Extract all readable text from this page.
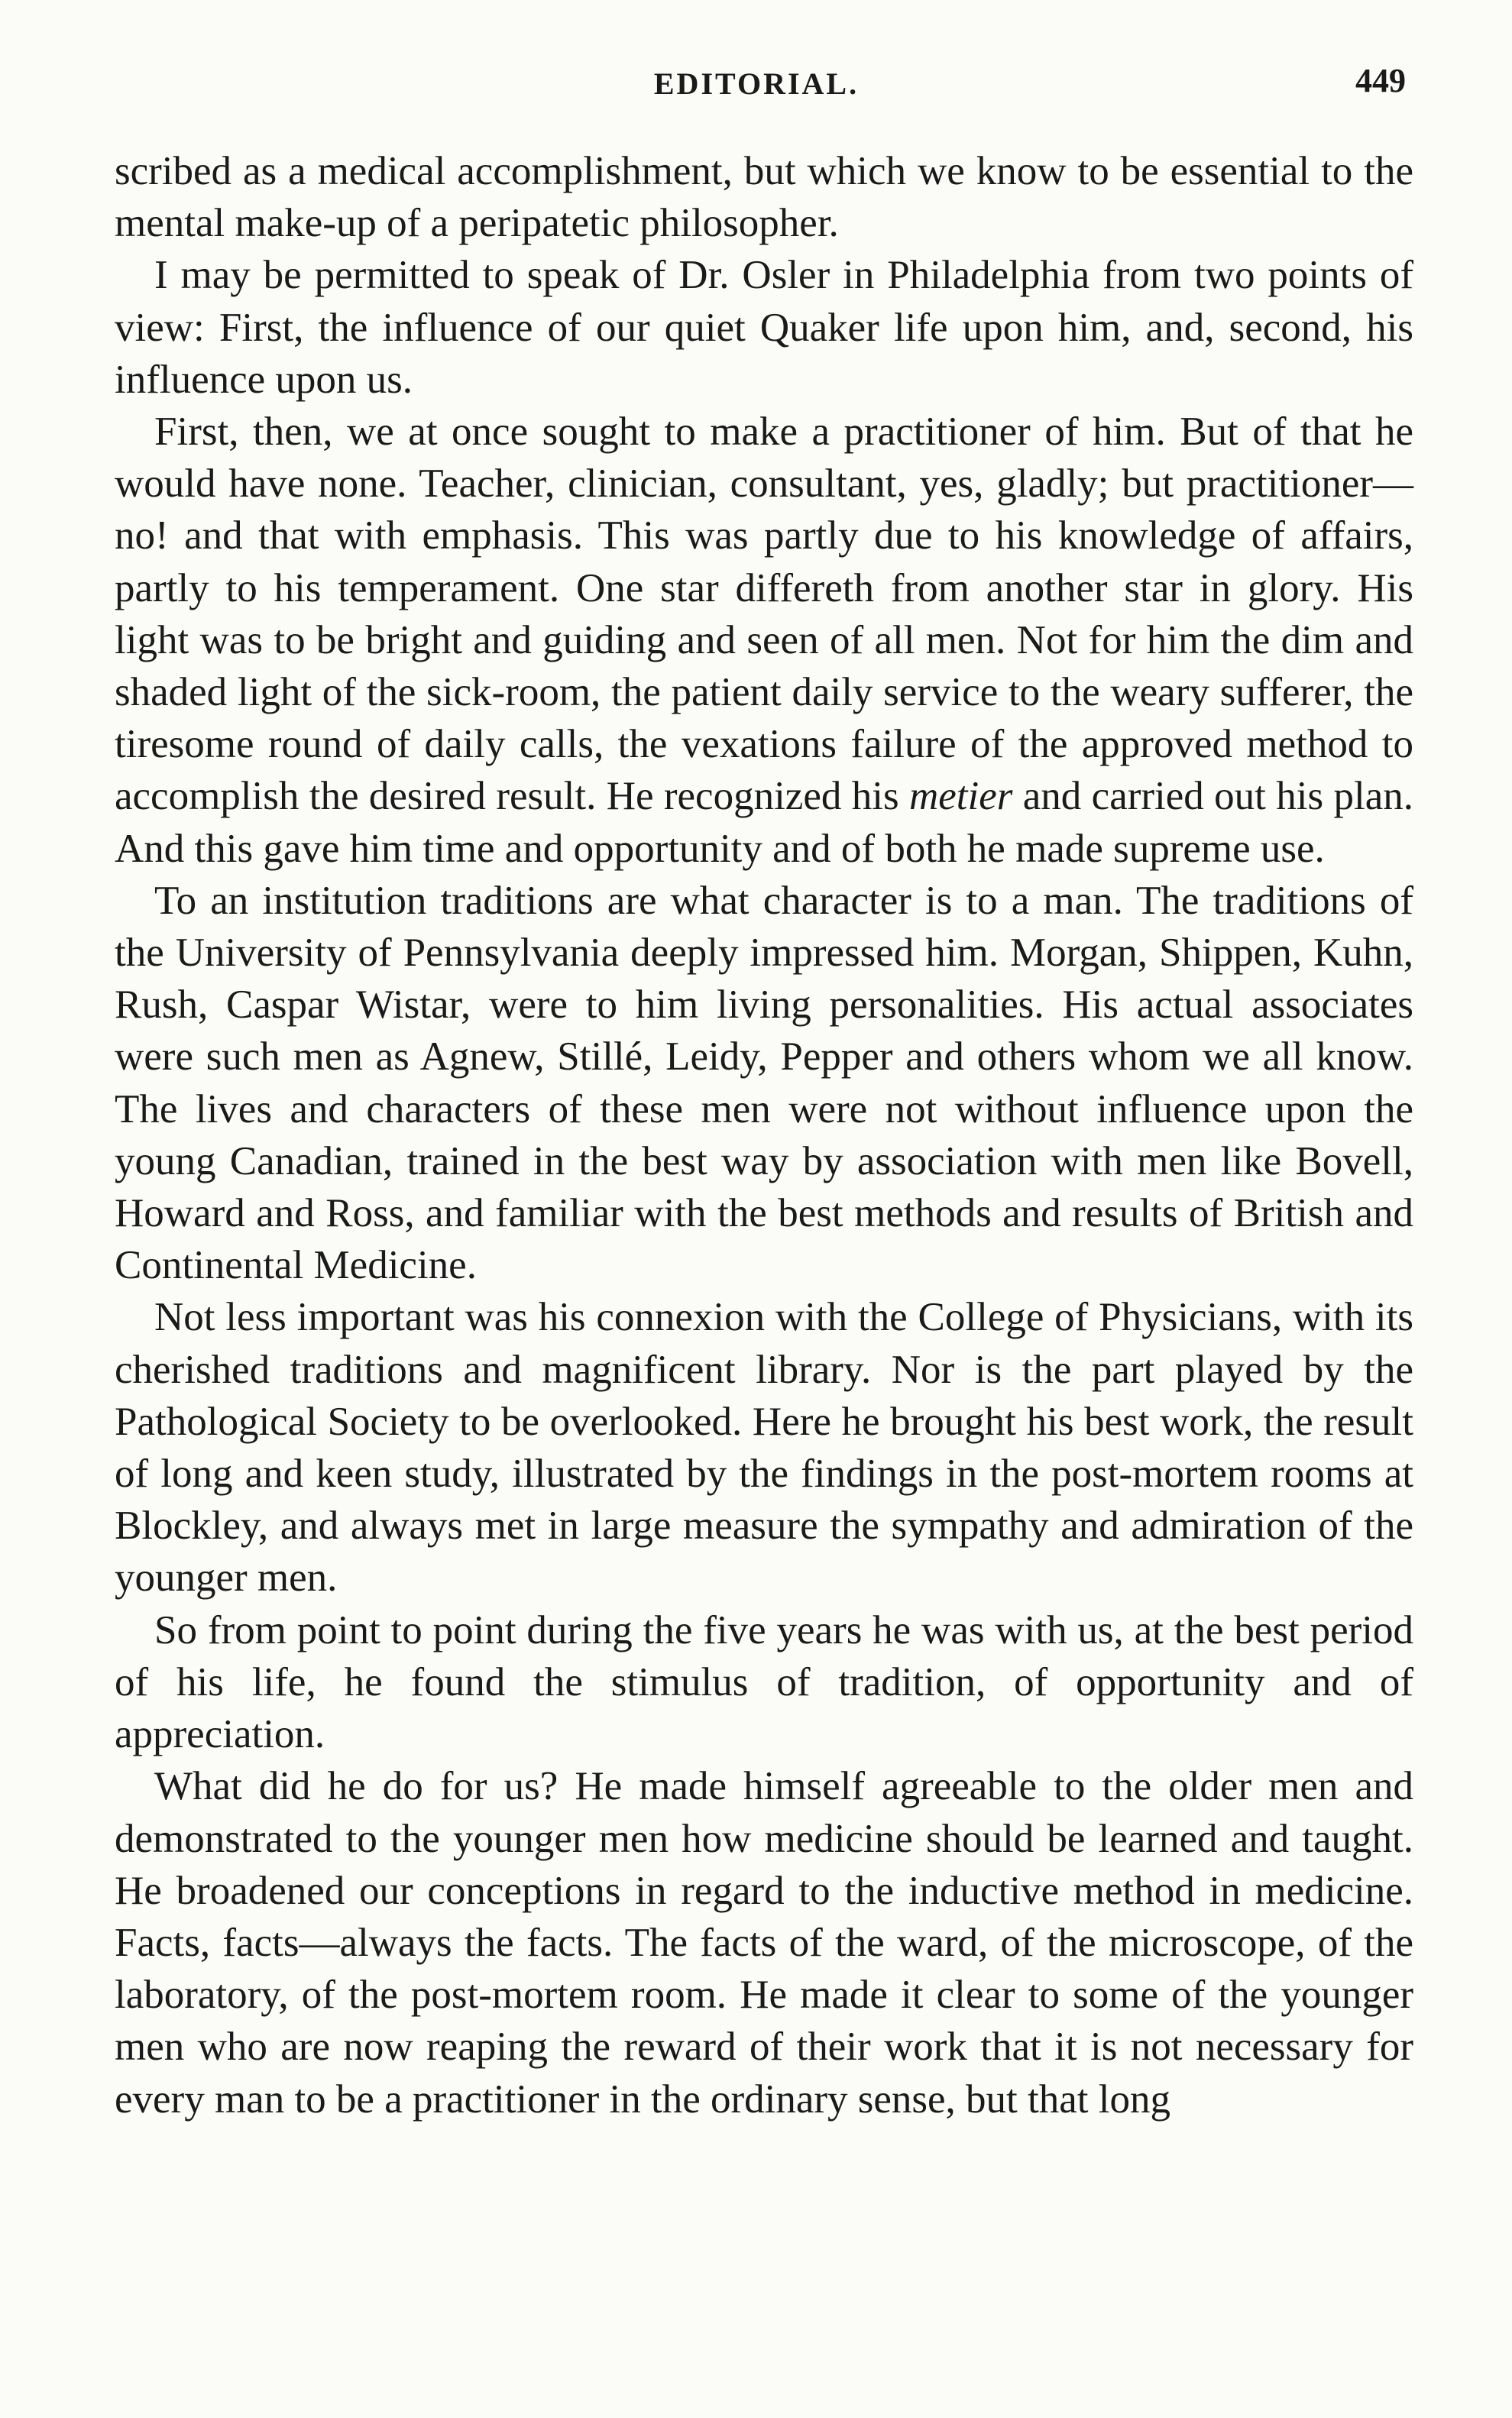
EDITORIAL.	449

scribed as a medical accomplishment, but which we know to be essential to the mental make-up of a peripatetic philosopher.

I may be permitted to speak of Dr. Osler in Philadelphia from two points of view: First, the influence of our quiet Quaker life upon him, and, second, his influence upon us.

First, then, we at once sought to make a practitioner of him. But of that he would have none. Teacher, clinician, consultant, yes, gladly; but practitioner—no! and that with emphasis. This was partly due to his knowledge of affairs, partly to his temperament. One star differeth from another star in glory. His light was to be bright and guiding and seen of all men. Not for him the dim and shaded light of the sick-room, the patient daily service to the weary sufferer, the tiresome round of daily calls, the vexations failure of the approved method to accomplish the desired result. He recognized his metier and carried out his plan. And this gave him time and opportunity and of both he made supreme use.

To an institution traditions are what character is to a man. The traditions of the University of Pennsylvania deeply impressed him. Morgan, Shippen, Kuhn, Rush, Caspar Wistar, were to him living personalities. His actual associates were such men as Agnew, Stillé, Leidy, Pepper and others whom we all know. The lives and characters of these men were not without influence upon the young Canadian, trained in the best way by association with men like Bovell, Howard and Ross, and familiar with the best methods and results of British and Continental Medicine.

Not less important was his connexion with the College of Physicians, with its cherished traditions and magnificent library. Nor is the part played by the Pathological Society to be overlooked. Here he brought his best work, the result of long and keen study, illustrated by the findings in the post-mortem rooms at Blockley, and always met in large measure the sympathy and admiration of the younger men.

So from point to point during the five years he was with us, at the best period of his life, he found the stimulus of tradition, of opportunity and of appreciation.

What did he do for us? He made himself agreeable to the older men and demonstrated to the younger men how medicine should be learned and taught. He broadened our conceptions in regard to the inductive method in medicine. Facts, facts—always the facts. The facts of the ward, of the microscope, of the laboratory, of the post-mortem room. He made it clear to some of the younger men who are now reaping the reward of their work that it is not necessary for every man to be a practitioner in the ordinary sense, but that long
